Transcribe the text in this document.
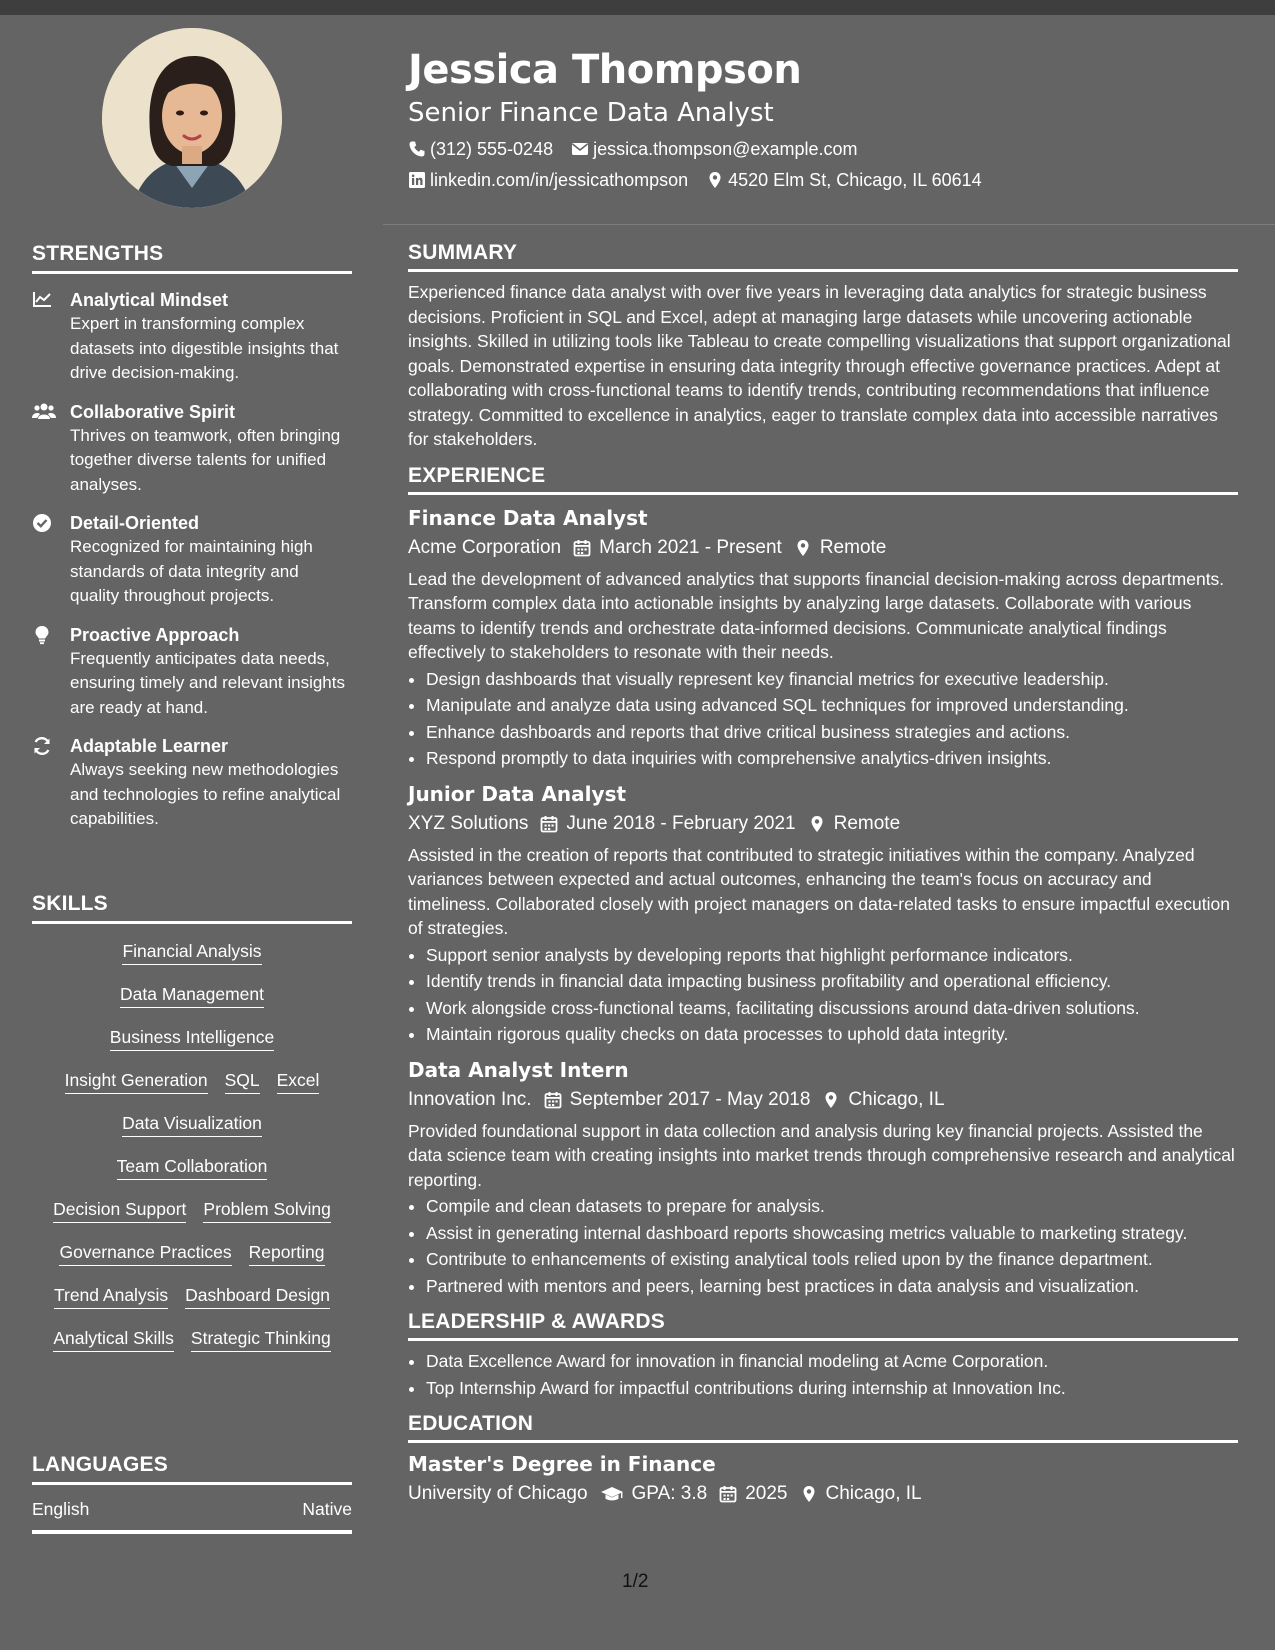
STRENGTHS
Analytical Mindset
Expert in transforming complex datasets into digestible insights that drive decision-making.
Collaborative Spirit
Thrives on teamwork, often bringing together diverse talents for unified analyses.
Detail-Oriented
Recognized for maintaining high standards of data integrity and quality throughout projects.
Proactive Approach
Frequently anticipates data needs, ensuring timely and relevant insights are ready at hand.
Adaptable Learner
Always seeking new methodologies and technologies to refine analytical capabilities.
SKILLS
Financial Analysis
Data Management
Business Intelligence
Insight Generation SQL Excel
Data Visualization
Team Collaboration
Decision Support Problem Solving
Governance Practices Reporting
Trend Analysis Dashboard Design
Analytical Skills Strategic Thinking
LANGUAGES
English	Native
Jessica Thompson
Senior Finance Data Analyst
(312) 555-0248 jessica.thompson@example.com
linkedin.com/in/jessicathompson 4520 Elm St, Chicago, IL 60614
SUMMARY

Experienced finance data analyst with over five years in leveraging data analytics for strategic business decisions. Proficient in SQL and Excel, adept at managing large datasets while uncovering actionable insights. Skilled in utilizing tools like Tableau to create compelling visualizations that support organizational goals. Demonstrated expertise in ensuring data integrity through effective governance practices. Adept at collaborating with cross-functional teams to identify trends, contributing recommendations that influence strategy. Committed to excellence in analytics, eager to translate complex data into accessible narratives for stakeholders.

EXPERIENCE
Finance Data Analyst
Acme Corporation March 2021 - Present Remote

Lead the development of advanced analytics that supports financial decision-making across departments. Transform complex data into actionable insights by analyzing large datasets. Collaborate with various teams to identify trends and orchestrate data-informed decisions. Communicate analytical findings effectively to stakeholders to resonate with their needs.

• Design dashboards that visually represent key financial metrics for executive leadership.
• Manipulate and analyze data using advanced SQL techniques for improved understanding.
• Enhance dashboards and reports that drive critical business strategies and actions.
• Respond promptly to data inquiries with comprehensive analytics-driven insights.
Junior Data Analyst
XYZ Solutions June 2018 - February 2021 Remote

Assisted in the creation of reports that contributed to strategic initiatives within the company. Analyzed variances between expected and actual outcomes, enhancing the team's focus on accuracy and timeliness. Collaborated closely with project managers on data-related tasks to ensure impactful execution of strategies.

• Support senior analysts by developing reports that highlight performance indicators.
• Identify trends in financial data impacting business profitability and operational efficiency.
• Work alongside cross-functional teams, facilitating discussions around data-driven solutions.
• Maintain rigorous quality checks on data processes to uphold data integrity.
Data Analyst Intern
Innovation Inc. September 2017 - May 2018 Chicago, IL

Provided foundational support in data collection and analysis during key financial projects. Assisted the data science team with creating insights into market trends through comprehensive research and analytical reporting.

• Compile and clean datasets to prepare for analysis.
• Assist in generating internal dashboard reports showcasing metrics valuable to marketing strategy.
• Contribute to enhancements of existing analytical tools relied upon by the finance department.
• Partnered with mentors and peers, learning best practices in data analysis and visualization.
LEADERSHIP & AWARDS
• Data Excellence Award for innovation in financial modeling at Acme Corporation.
• Top Internship Award for impactful contributions during internship at Innovation Inc.
EDUCATION
Master's Degree in Finance
University of Chicago GPA: 3.8 2025 Chicago, IL
1/2
